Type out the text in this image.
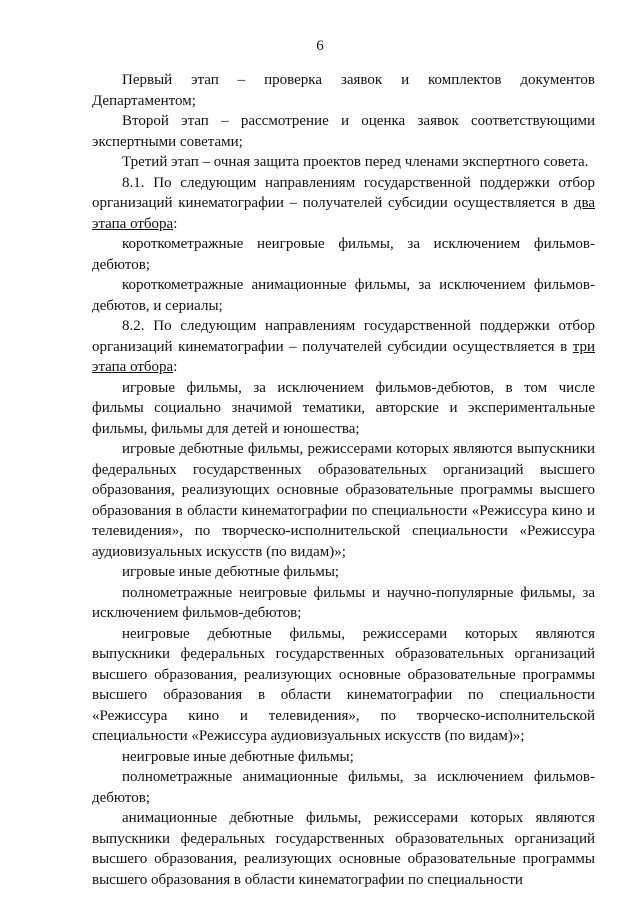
6

Первый этап – проверка заявок и комплектов документов Департаментом;

Второй этап – рассмотрение и оценка заявок соответствующими экспертными советами;

Третий этап – очная защита проектов перед членами экспертного совета.

8.1. По следующим направлениям государственной поддержки отбор организаций кинематографии – получателей субсидии осуществляется в два этапа отбора:

короткометражные неигровые фильмы, за исключением фильмов-дебютов;

короткометражные анимационные фильмы, за исключением фильмов-дебютов, и сериалы;

8.2. По следующим направлениям государственной поддержки отбор организаций кинематографии – получателей субсидии осуществляется в три этапа отбора:

игровые фильмы, за исключением фильмов-дебютов, в том числе фильмы социально значимой тематики, авторские и экспериментальные фильмы, фильмы для детей и юношества;

игровые дебютные фильмы, режиссерами которых являются выпускники федеральных государственных образовательных организаций высшего образования, реализующих основные образовательные программы высшего образования в области кинематографии по специальности «Режиссура кино и телевидения», по творческо-исполнительской специальности «Режиссура аудиовизуальных искусств (по видам)»;

игровые иные дебютные фильмы;

полнометражные неигровые фильмы и научно-популярные фильмы, за исключением фильмов-дебютов;

неигровые дебютные фильмы, режиссерами которых являются выпускники федеральных государственных образовательных организаций высшего образования, реализующих основные образовательные программы высшего образования в области кинематографии по специальности «Режиссура кино и телевидения», по творческо-исполнительской специальности «Режиссура аудиовизуальных искусств (по видам)»;

неигровые иные дебютные фильмы;

полнометражные анимационные фильмы, за исключением фильмов-дебютов;

анимационные дебютные фильмы, режиссерами которых являются выпускники федеральных государственных образовательных организаций высшего образования, реализующих основные образовательные программы высшего образования в области кинематографии по специальности
